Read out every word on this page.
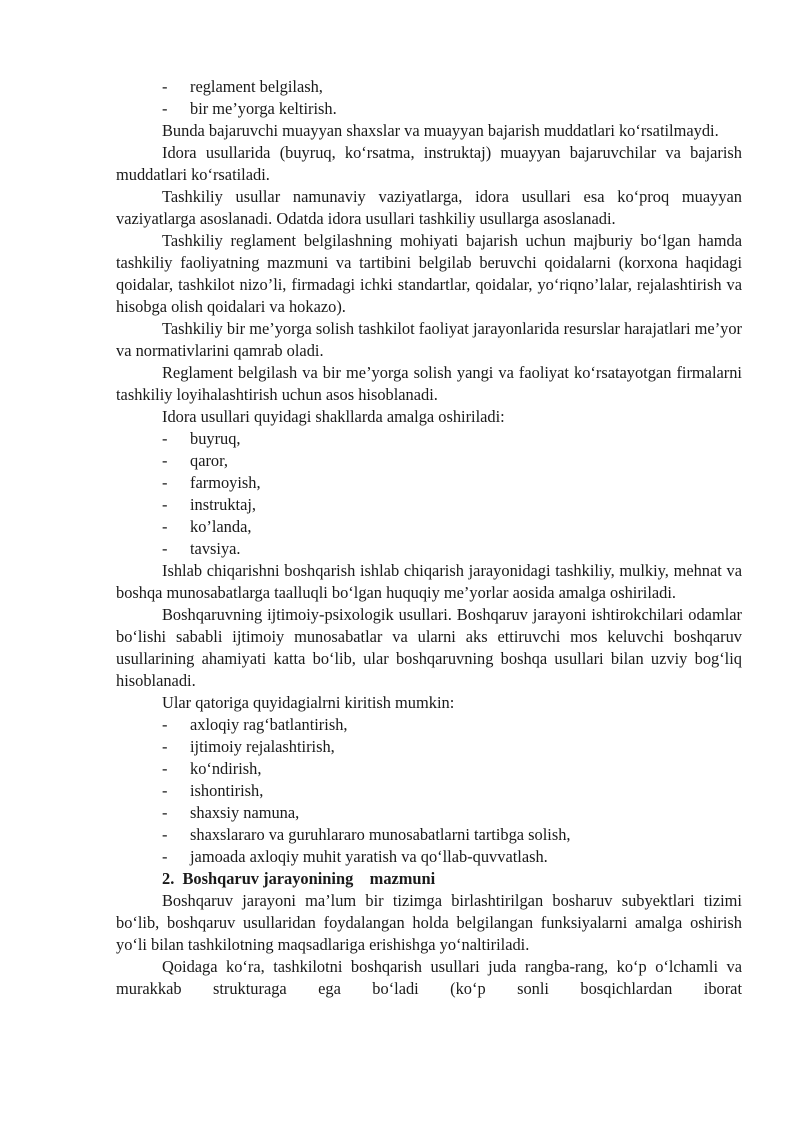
-	reglament belgilash,
-	bir me’yorga keltirish.

Bunda bajaruvchi muayyan shaxslar va muayyan bajarish muddatlari ko‘rsatilmaydi.

Idora usullarida (buyruq, ko‘rsatma, instruktaj) muayyan bajaruvchilar va bajarish muddatlari ko‘rsatiladi.

Tashkiliy usullar namunaviy vaziyatlarga, idora usullari esa ko‘proq muayyan vaziyatlarga asoslanadi. Odatda idora usullari tashkiliy usullarga asoslanadi.

Tashkiliy reglament belgilashning mohiyati bajarish uchun majburiy bo‘lgan hamda tashkiliy faoliyatning mazmuni va tartibini belgilab beruvchi qoidalarni (korxona haqidagi qoidalar, tashkilot nizo’li, firmadagi ichki standartlar, qoidalar, yo‘riqno’lalar, rejalashtirish va hisobga olish qoidalari va hokazo).

Tashkiliy bir me’yorga solish tashkilot faoliyat jarayonlarida resurslar harajatlari me’yor va normativlarini qamrab oladi.

Reglament belgilash va bir me’yorga solish yangi va faoliyat ko‘rsatayotgan firmalarni tashkiliy loyihalashtirish uchun asos hisoblanadi.

Idora usullari quyidagi shakllarda amalga oshiriladi:

-	buyruq,
-	qaror,
-	farmoyish,
-	instruktaj,
-	ko’landa,
-	tavsiya.

Ishlab chiqarishni boshqarish ishlab chiqarish jarayonidagi tashkiliy, mulkiy, mehnat va boshqa munosabatlarga taalluqli bo‘lgan huquqiy me’yorlar aosida amalga oshiriladi.

Boshqaruvning ijtimoiy-psixologik usullari. Boshqaruv jarayoni ishtirokchilari odamlar bo‘lishi sababli ijtimoiy munosabatlar va ularni aks ettiruvchi mos keluvchi boshqaruv usullarining ahamiyati katta bo‘lib, ular boshqaruvning boshqa usullari bilan uzviy bog‘liq hisoblanadi.

Ular qatoriga quyidagialrni kiritish mumkin:

-	axloqiy rag‘batlantirish,
-	ijtimoiy rejalashtirish,
-	ko‘ndirish,
-	ishontirish,
-	shaxsiy namuna,
-	shaxslararo va guruhlararo munosabatlarni tartibga solish,
-	jamoada axloqiy muhit yaratish va qo‘llab-quvvatlash.
2.  Boshqaruv jarayonining    mazmuni

Boshqaruv jarayoni ma’lum bir tizimga birlashtirilgan bosharuv subyektlari tizimi bo‘lib, boshqaruv usullaridan foydalangan holda belgilangan funksiyalarni amalga oshirish yo‘li bilan tashkilotning maqsadlariga erishishga yo‘naltiriladi.

Qoidaga ko‘ra, tashkilotni boshqarish usullari juda rangba-rang, ko‘p o‘lchamli va murakkab strukturaga ega bo‘ladi (ko‘p sonli bosqichlardan iborat
